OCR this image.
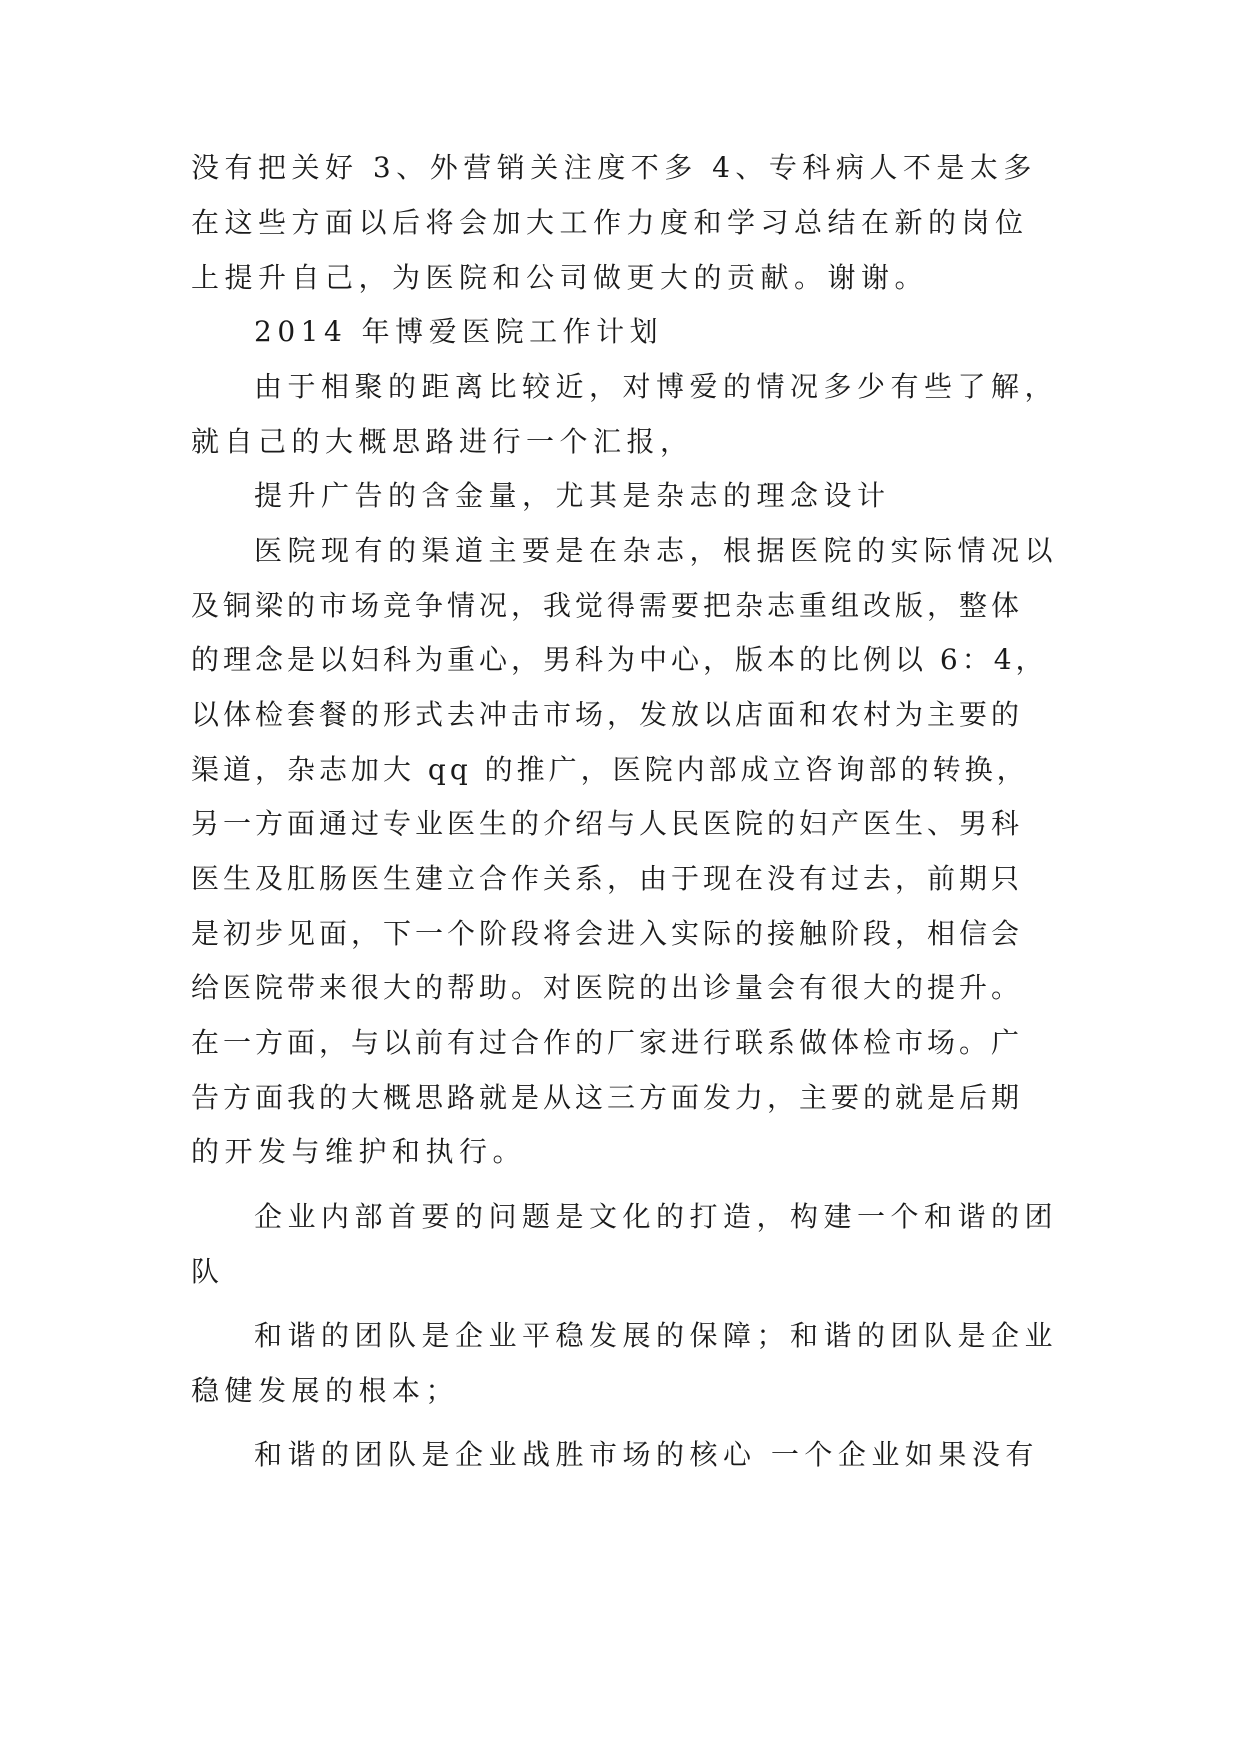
没有把关好 3、外营销关注度不多 4、专科病人不是太多
在这些方面以后将会加大工作力度和学习总结在新的岗位
上提升自己，为医院和公司做更大的贡献。谢谢。
2014 年博爱医院工作计划
由于相聚的距离比较近，对博爱的情况多少有些了解，
就自己的大概思路进行一个汇报，
提升广告的含金量，尤其是杂志的理念设计
医院现有的渠道主要是在杂志，根据医院的实际情况以
及铜梁的市场竞争情况，我觉得需要把杂志重组改版，整体
的理念是以妇科为重心，男科为中心，版本的比例以 6：4，
以体检套餐的形式去冲击市场，发放以店面和农村为主要的
渠道，杂志加大 qq 的推广，医院内部成立咨询部的转换，
另一方面通过专业医生的介绍与人民医院的妇产医生、男科
医生及肛肠医生建立合作关系，由于现在没有过去，前期只
是初步见面，下一个阶段将会进入实际的接触阶段，相信会
给医院带来很大的帮助。对医院的出诊量会有很大的提升。
在一方面，与以前有过合作的厂家进行联系做体检市场。广
告方面我的大概思路就是从这三方面发力，主要的就是后期
的开发与维护和执行。
企业内部首要的问题是文化的打造，构建一个和谐的团
队
和谐的团队是企业平稳发展的保障；和谐的团队是企业
稳健发展的根本；
和谐的团队是企业战胜市场的核心 一个企业如果没有
